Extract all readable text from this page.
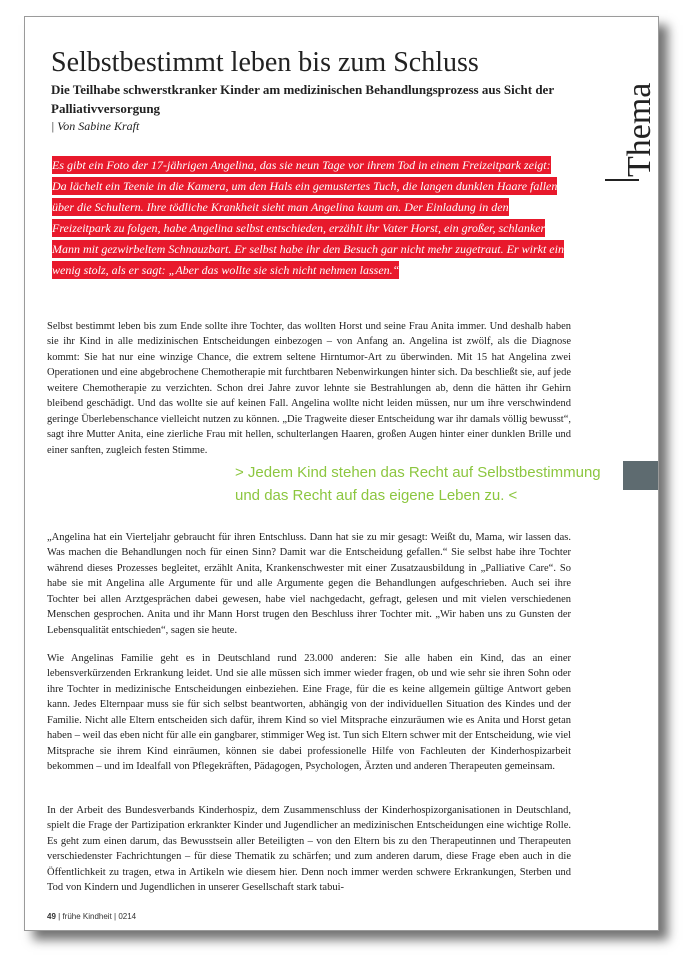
Selbstbestimmt leben bis zum Schluss
Die Teilhabe schwerstkranker Kinder am medizinischen Behandlungsprozess aus Sicht der Palliativversorgung
| Von Sabine Kraft	Thema

Es gibt ein Foto der 17-jährigen Angelina, das sie neun Tage vor ihrem Tod in einem Freizeitpark zeigt: Da lächelt ein Teenie in die Kamera, um den Hals ein gemustertes Tuch, die langen dunklen Haare fallen über die Schultern. Ihre tödliche Krankheit sieht man Angelina kaum an. Der Einladung in den Freizeitpark zu folgen, habe Angelina selbst entschieden, erzählt ihr Vater Horst, ein großer, schlanker Mann mit gezwirbeltem Schnauzbart. Er selbst habe ihr den Besuch gar nicht mehr zugetraut. Er wirkt ein wenig stolz, als er sagt: „Aber das wollte sie sich nicht nehmen lassen.“

Selbst bestimmt leben bis zum Ende sollte ihre Tochter, das wollten Horst und seine Frau Anita immer. Und deshalb haben sie ihr Kind in alle medizinischen Entscheidungen einbezogen – von Anfang an. Angelina ist zwölf, als die Diagnose kommt: Sie hat nur eine winzige Chance, die extrem seltene Hirntumor-Art zu überwinden. Mit 15 hat Angelina zwei Operationen und eine abgebrochene Chemotherapie mit furchtbaren Nebenwirkungen hinter sich. Da beschließt sie, auf jede weitere Chemotherapie zu verzichten. Schon drei Jahre zuvor lehnte sie Bestrahlungen ab, denn die hätten ihr Gehirn bleibend geschädigt. Und das wollte sie auf keinen Fall. Angelina wollte nicht leiden müssen, nur um ihre verschwindend geringe Überlebenschance vielleicht nutzen zu können. „Die Tragweite dieser Entscheidung war ihr damals völlig bewusst“, sagt ihre Mutter Anita, eine zierliche Frau mit hellen, schulterlangen Haaren, großen Augen hinter einer dunklen Brille und einer sanften, zugleich festen Stimme.

> Jedem Kind stehen das Recht auf Selbstbestimmung und das Recht auf das eigene Leben zu. <

„Angelina hat ein Vierteljahr gebraucht für ihren Entschluss. Dann hat sie zu mir gesagt: Weißt du, Mama, wir lassen das. Was machen die Behandlungen noch für einen Sinn? Damit war die Entscheidung gefallen.“ Sie selbst habe ihre Tochter während dieses Prozesses begleitet, erzählt Anita, Krankenschwester mit einer Zusatzausbildung in „Palliative Care“. So habe sie mit Angelina alle Argumente für und alle Argumente gegen die Behandlungen aufgeschrieben. Auch sei ihre Tochter bei allen Arztgesprächen dabei gewesen, habe viel nachgedacht, gefragt, gelesen und mit vielen verschiedenen Menschen gesprochen. Anita und ihr Mann Horst trugen den Beschluss ihrer Tochter mit. „Wir haben uns zu Gunsten der Lebensqualität entschieden“, sagen sie heute.

Wie Angelinas Familie geht es in Deutschland rund 23.000 anderen: Sie alle haben ein Kind, das an einer lebensverkürzenden Erkrankung leidet. Und sie alle müssen sich immer wieder fragen, ob und wie sehr sie ihren Sohn oder ihre Tochter in medizinische Entscheidungen einbeziehen. Eine Frage, für die es keine allgemein gültige Antwort geben kann. Jedes Elternpaar muss sie für sich selbst beantworten, abhängig von der individuellen Situation des Kindes und der Familie. Nicht alle Eltern entscheiden sich dafür, ihrem Kind so viel Mitsprache einzuräumen wie es Anita und Horst getan haben – weil das eben nicht für alle ein gangbarer, stimmiger Weg ist. Tun sich Eltern schwer mit der Entscheidung, wie viel Mitsprache sie ihrem Kind einräumen, können sie dabei professionelle Hilfe von Fachleuten der Kinderhospizarbeit bekommen – und im Idealfall von Pflegekräften, Pädagogen, Psychologen, Ärzten und anderen Therapeuten gemeinsam.

In der Arbeit des Bundesverbands Kinderhospiz, dem Zusammenschluss der Kinderhospizorganisationen in Deutschland, spielt die Frage der Partizipation erkrankter Kinder und Jugendlicher an medizinischen Entscheidungen eine wichtige Rolle. Es geht zum einen darum, das Bewusstsein aller Beteiligten – von den Eltern bis zu den Therapeutinnen und Therapeuten verschiedenster Fachrichtungen – für diese Thematik zu schärfen; und zum anderen darum, diese Frage eben auch in die Öffentlichkeit zu tragen, etwa in Artikeln wie diesem hier. Denn noch immer werden schwere Erkrankungen, Sterben und Tod von Kindern und Jugendlichen in unserer Gesellschaft stark tabui-

49 | frühe Kindheit | 0214
